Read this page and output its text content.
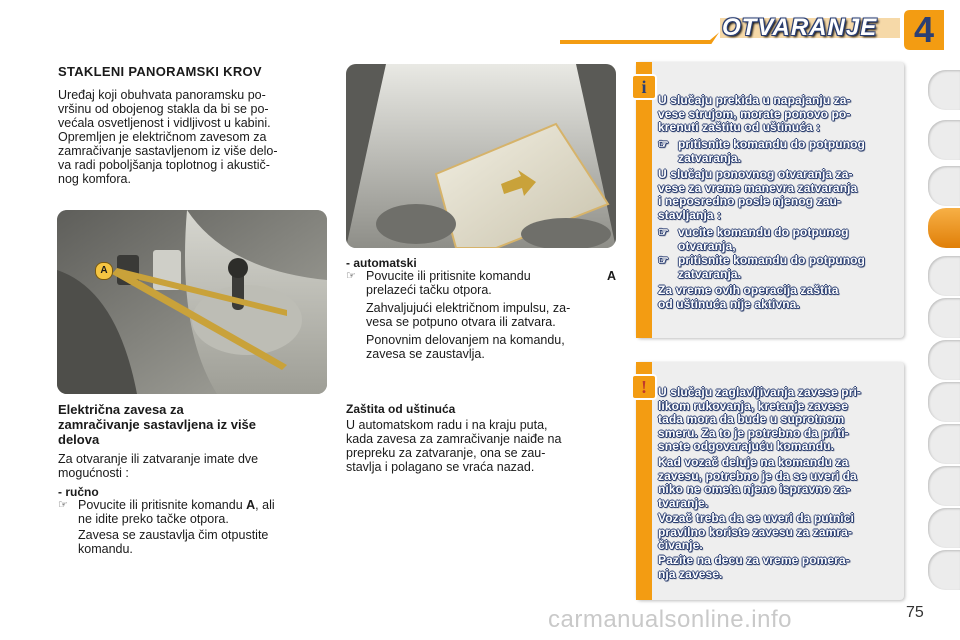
OTVARANJE	4
STAKLENI PANORAMSKI KROV
Uređaj koji obuhvata panoramsku po-
vršinu od obojenog stakla da bi se po-
većala osvetljenost i vidljivost u kabini.
Opremljen je električnom zavesom za
zamračivanje sastavljenom iz više delo-
va radi poboljšanja toplotnog i akustič-
nog komfora.
A
Električna zavesa za
zamračivanje sastavljena iz više
delova
Za otvaranje ili zatvaranje imate dve
mogućnosti :
- ručno
☞ Povucite ili pritisnite komandu A, ali
ne idite preko tačke otpora.
Zavesa se zaustavlja čim otpustite
komandu.
- automatski
☞ Povucite ili pritisnite komandu	A
prelazeći tačku otpora.
Zahvaljujući električnom impulsu, za-
vesa se potpuno otvara ili zatvara.
Ponovnim delovanjem na komandu,
zavesa se zaustavlja.
Zaštita od uštinuća
U automatskom radu i na kraju puta,
kada zavesa za zamračivanje naiđe na
prepreku za zatvaranje, ona se zau-
stavlja i polagano se vraća nazad.
i
U slučaju prekida u napajanju za-
vese strujom, morate ponovo po-
krenuti zaštitu od uštinuća :
☞ pritisnite komandu do potpunog
zatvaranja.
U slučaju ponovnog otvaranja za-
vese za vreme manevra zatvaranja
i neposredno posle njenog zau-
stavljanja :
☞ vucite komandu do potpunog
otvaranja,
☞ pritisnite komandu do potpunog
zatvaranja.
Za vreme ovih operacija zaštita
od uštinuća nije aktivna.
! U slučaju zaglavljivanja zavese pri-
likom rukovanja, kretanje zavese
tada mora da bude u suprotnom
smeru. Za to je potrebno da priti-
snete odgovarajuću komandu.
Kad vozač deluje na komandu za
zavesu, potrebno je da se uveri da
niko ne ometa njeno ispravno za-
tvaranje.
Vozač treba da se uveri da putnici
pravilno koriste zavesu za zamra-
čivanje.
Pazite na decu za vreme pomera-
nja zavese.
75
carmanualsonline.info
